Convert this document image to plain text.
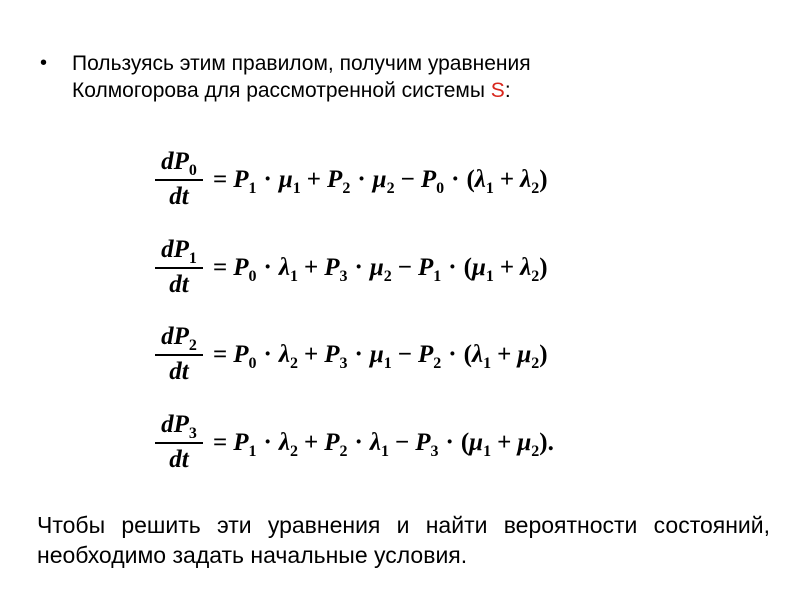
• Пользуясь этим правилом, получим уравнения
Колмогорова для рассмотренной системы S:
$\frac{dP_0}{dt} = P_1 \cdot \mu_1 + P_2 \cdot \mu_2 - P_0 \cdot (\lambda_1 + \lambda_2)$
$\frac{dP_1}{dt} = P_0 \cdot \lambda_1 + P_3 \cdot \mu_2 - P_1 \cdot (\mu_1 + \lambda_2)$
$\frac{dP_2}{dt} = P_0 \cdot \lambda_2 + P_3 \cdot \mu_1 - P_2 \cdot (\lambda_1 + \mu_2)$
$\frac{dP_3}{dt} = P_1 \cdot \lambda_2 + P_2 \cdot \lambda_1 - P_3 \cdot (\mu_1 + \mu_2)$.
Чтобы решить эти уравнения и найти вероятности состояний, необходимо задать начальные условия.
